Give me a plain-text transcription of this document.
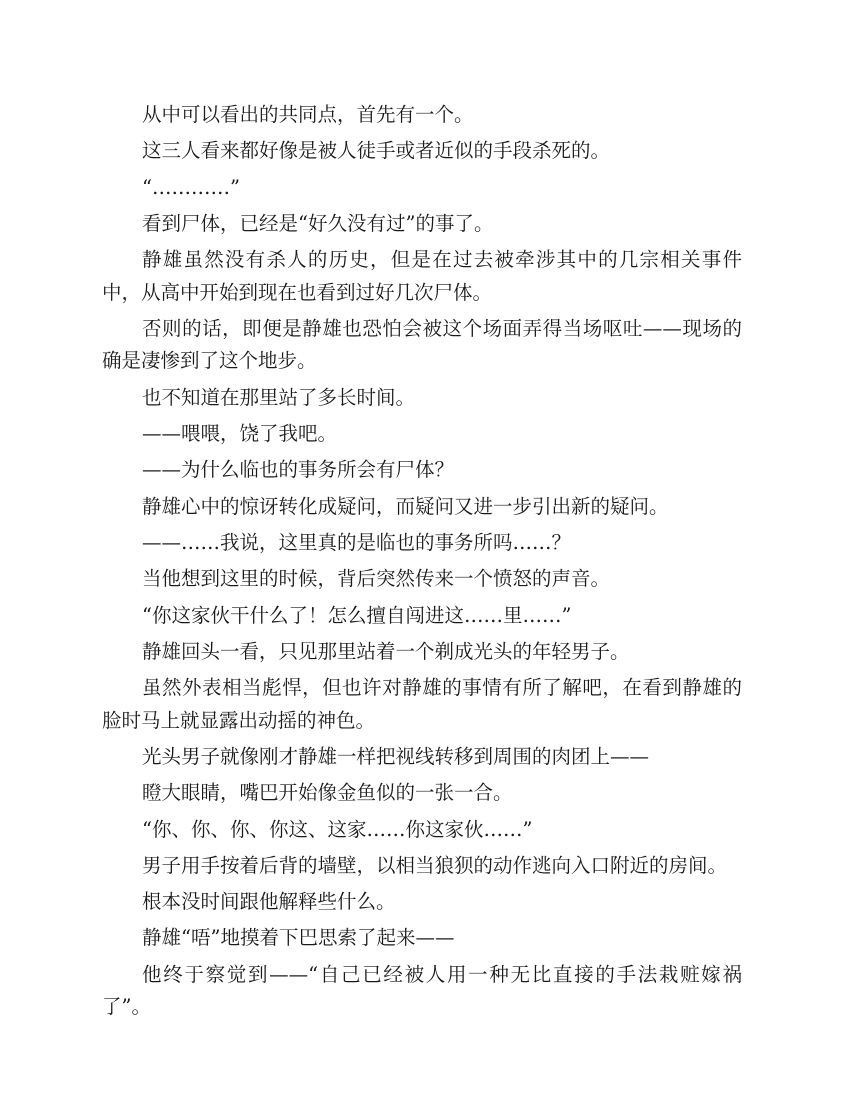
从中可以看出的共同点，首先有一个。

这三人看来都好像是被人徒手或者近似的手段杀死的。

“…………”

看到尸体，已经是“好久没有过”的事了。

静雄虽然没有杀人的历史，但是在过去被牵涉其中的几宗相关事件中，从高中开始到现在也看到过好几次尸体。

否则的话，即便是静雄也恐怕会被这个场面弄得当场呕吐——现场的确是凄惨到了这个地步。

也不知道在那里站了多长时间。

——喂喂，饶了我吧。

——为什么临也的事务所会有尸体？

静雄心中的惊讶转化成疑问，而疑问又进一步引出新的疑问。

——……我说，这里真的是临也的事务所吗……？

当他想到这里的时候，背后突然传来一个愤怒的声音。

“你这家伙干什么了！怎么擅自闯进这……里……”

静雄回头一看，只见那里站着一个剃成光头的年轻男子。

虽然外表相当彪悍，但也许对静雄的事情有所了解吧，在看到静雄的脸时马上就显露出动摇的神色。

光头男子就像刚才静雄一样把视线转移到周围的肉团上——

瞪大眼睛，嘴巴开始像金鱼似的一张一合。

“你、你、你、你这、这家……你这家伙……”

男子用手按着后背的墙壁，以相当狼狈的动作逃向入口附近的房间。

根本没时间跟他解释些什么。

静雄“唔”地摸着下巴思索了起来——

他终于察觉到——“自己已经被人用一种无比直接的手法栽赃嫁祸了”。
